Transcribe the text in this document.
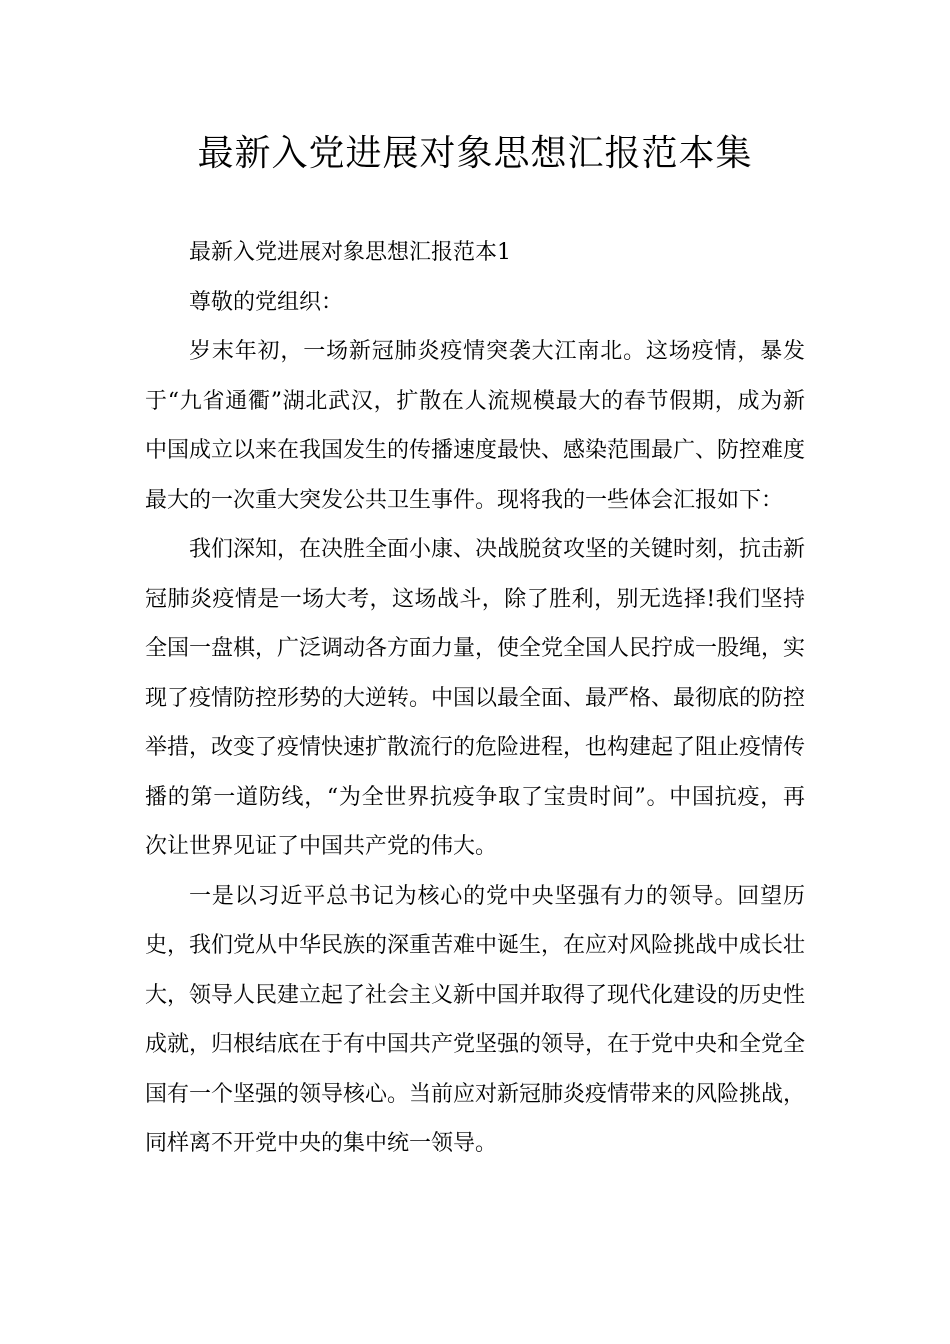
最新入党进展对象思想汇报范本集

最新入党进展对象思想汇报范本1

尊敬的党组织：

岁末年初，一场新冠肺炎疫情突袭大江南北。这场疫情，暴发于“九省通衢”湖北武汉，扩散在人流规模最大的春节假期，成为新中国成立以来在我国发生的传播速度最快、感染范围最广、防控难度最大的一次重大突发公共卫生事件。现将我的一些体会汇报如下：

我们深知，在决胜全面小康、决战脱贫攻坚的关键时刻，抗击新冠肺炎疫情是一场大考，这场战斗，除了胜利，别无选择!我们坚持全国一盘棋，广泛调动各方面力量，使全党全国人民拧成一股绳，实现了疫情防控形势的大逆转。中国以最全面、最严格、最彻底的防控举措，改变了疫情快速扩散流行的危险进程，也构建起了阻止疫情传播的第一道防线，“为全世界抗疫争取了宝贵时间”。中国抗疫，再次让世界见证了中国共产党的伟大。

一是以习近平总书记为核心的党中央坚强有力的领导。回望历史，我们党从中华民族的深重苦难中诞生，在应对风险挑战中成长壮大，领导人民建立起了社会主义新中国并取得了现代化建设的历史性成就，归根结底在于有中国共产党坚强的领导，在于党中央和全党全国有一个坚强的领导核心。当前应对新冠肺炎疫情带来的风险挑战，同样离不开党中央的集中统一领导。
